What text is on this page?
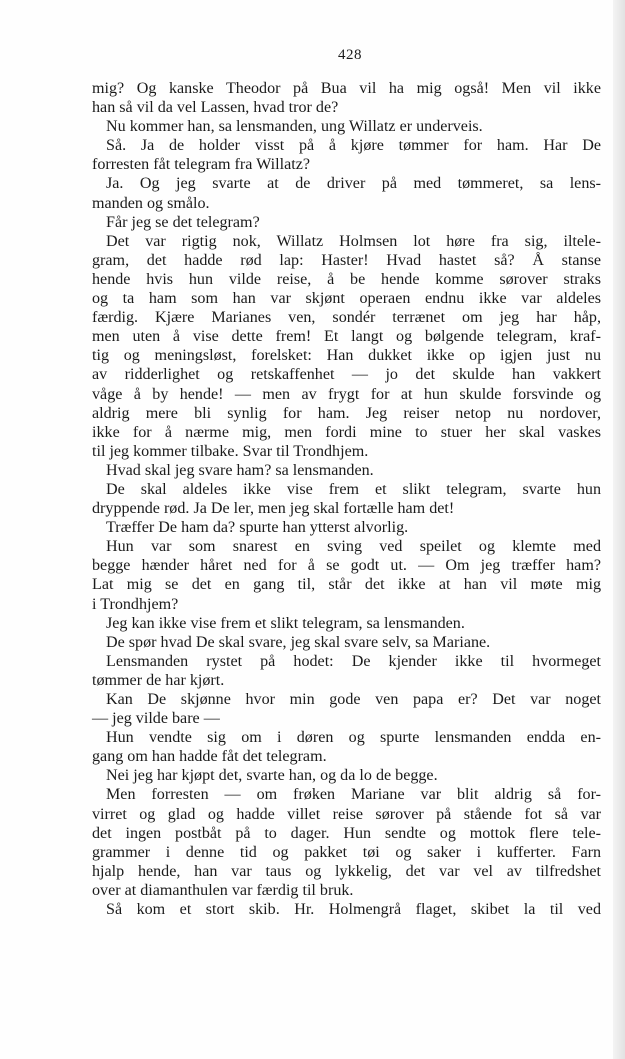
428
mig? Og kanske Theodor på Bua vil ha mig også! Men vil ikke
han så vil da vel Lassen, hvad tror de?
Nu kommer han, sa lensmanden, ung Willatz er underveis.
Så. Ja de holder visst på å kjøre tømmer for ham. Har De
forresten fåt telegram fra Willatz?
Ja. Og jeg svarte at de driver på med tømmeret, sa lens-
manden og smålo.
Får jeg se det telegram?
Det var rigtig nok, Willatz Holmsen lot høre fra sig, iltele-
gram, det hadde rød lap: Haster! Hvad hastet så? Å stanse
hende hvis hun vilde reise, å be hende komme sørover straks
og ta ham som han var skjønt operaen endnu ikke var aldeles
færdig. Kjære Marianes ven, sondér terrænet om jeg har håp,
men uten å vise dette frem! Et langt og bølgende telegram, kraf-
tig og meningsløst, forelsket: Han dukket ikke op igjen just nu
av ridderlighet og retskaffenhet — jo det skulde han vakkert
våge å by hende! — men av frygt for at hun skulde forsvinde og
aldrig mere bli synlig for ham. Jeg reiser netop nu nordover,
ikke for å nærme mig, men fordi mine to stuer her skal vaskes
til jeg kommer tilbake. Svar til Trondhjem.
Hvad skal jeg svare ham? sa lensmanden.
De skal aldeles ikke vise frem et slikt telegram, svarte hun
dryppende rød. Ja De ler, men jeg skal fortælle ham det!
Træffer De ham da? spurte han ytterst alvorlig.
Hun var som snarest en sving ved speilet og klemte med
begge hænder håret ned for å se godt ut. — Om jeg træffer ham?
Lat mig se det en gang til, står det ikke at han vil møte mig
i Trondhjem?
Jeg kan ikke vise frem et slikt telegram, sa lensmanden.
De spør hvad De skal svare, jeg skal svare selv, sa Mariane.
Lensmanden rystet på hodet: De kjender ikke til hvormeget
tømmer de har kjørt.
Kan De skjønne hvor min gode ven papa er? Det var noget
— jeg vilde bare —
Hun vendte sig om i døren og spurte lensmanden endda en-
gang om han hadde fåt det telegram.
Nei jeg har kjøpt det, svarte han, og da lo de begge.
Men forresten — om frøken Mariane var blit aldrig så for-
virret og glad og hadde villet reise sørover på stående fot så var
det ingen postbåt på to dager. Hun sendte og mottok flere tele-
grammer i denne tid og pakket tøi og saker i kufferter. Farn
hjalp hende, han var taus og lykkelig, det var vel av tilfredshet
over at diamanthulen var færdig til bruk.
Så kom et stort skib. Hr. Holmengrå flaget, skibet la til ved
